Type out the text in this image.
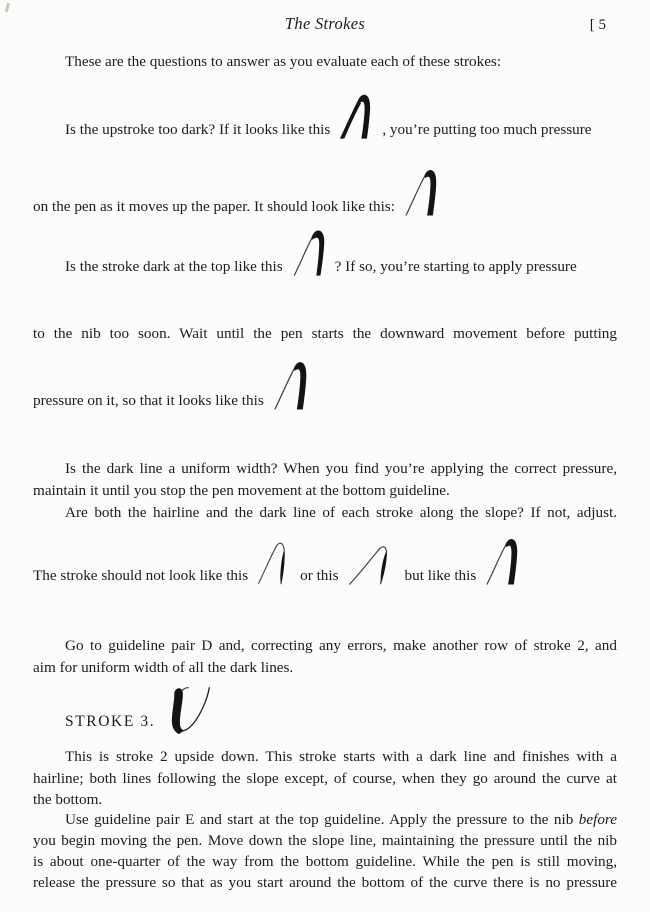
The Strokes	[ 5
These are the questions to answer as you evaluate each of these strokes:
Is the upstroke too dark? If it looks like this	, you’re putting too much pressure
on the pen as it moves up the paper. It should look like this:
Is the stroke dark at the top like this	? If so, you’re starting to apply pressure
to the nib too soon. Wait until the pen starts the downward movement before putting
pressure on it, so that it looks like this
Is the dark line a uniform width? When you find you’re applying the correct pressure,
maintain it until you stop the pen movement at the bottom guideline.
Are both the hairline and the dark line of each stroke along the slope? If not, adjust.
The stroke should not look like this	or this	but like this
Go to guideline pair D and, correcting any errors, make another row of stroke 2, and
aim for uniform width of all the dark lines.
STROKE 3.
This is stroke 2 upside down. This stroke starts with a dark line and finishes with a
hairline; both lines following the slope except, of course, when they go around the curve at
the bottom.
Use guideline pair E and start at the top guideline. Apply the pressure to the nib before
you begin moving the pen. Move down the slope line, maintaining the pressure until the nib
is about one-quarter of the way from the bottom guideline. While the pen is still moving,
release the pressure so that as you start around the bottom of the curve there is no pressure
